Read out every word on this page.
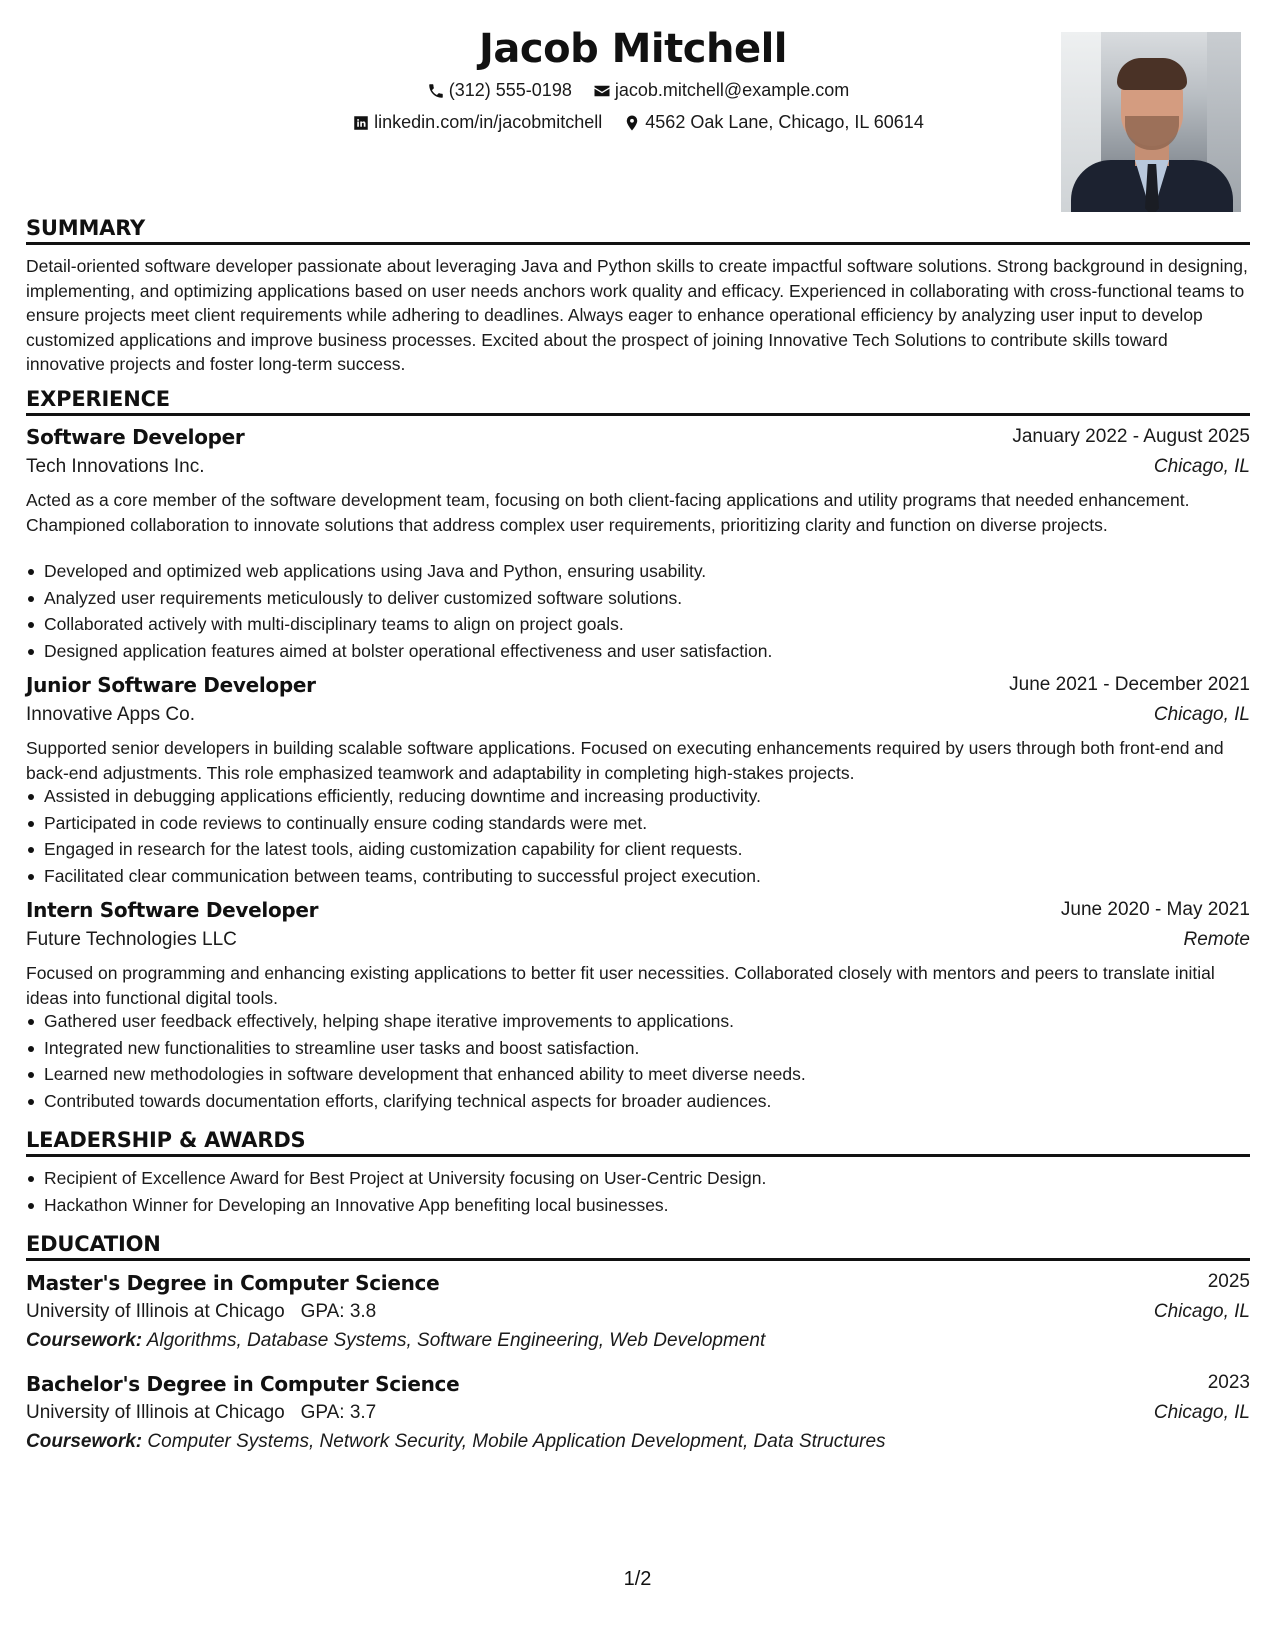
Jacob Mitchell
(312) 555-0198
jacob.mitchell@example.com
linkedin.com/in/jacobmitchell
4562 Oak Lane, Chicago, IL 60614
SUMMARY
Detail-oriented software developer passionate about leveraging Java and Python skills to create impactful software solutions. Strong background in designing, implementing, and optimizing applications based on user needs anchors work quality and efficacy. Experienced in collaborating with cross-functional teams to ensure projects meet client requirements while adhering to deadlines. Always eager to enhance operational efficiency by analyzing user input to develop customized applications and improve business processes. Excited about the prospect of joining Innovative Tech Solutions to contribute skills toward innovative projects and foster long-term success.
EXPERIENCE
Software Developer	January 2022 - August 2025
Tech Innovations Inc.	Chicago, IL
Acted as a core member of the software development team, focusing on both client-facing applications and utility programs that needed enhancement. Championed collaboration to innovate solutions that address complex user requirements, prioritizing clarity and function on diverse projects.
Developed and optimized web applications using Java and Python, ensuring usability.
Analyzed user requirements meticulously to deliver customized software solutions.
Collaborated actively with multi-disciplinary teams to align on project goals.
Designed application features aimed at bolster operational effectiveness and user satisfaction.
Junior Software Developer	June 2021 - December 2021
Innovative Apps Co.	Chicago, IL
Supported senior developers in building scalable software applications. Focused on executing enhancements required by users through both front-end and back-end adjustments. This role emphasized teamwork and adaptability in completing high-stakes projects.
Assisted in debugging applications efficiently, reducing downtime and increasing productivity.
Participated in code reviews to continually ensure coding standards were met.
Engaged in research for the latest tools, aiding customization capability for client requests.
Facilitated clear communication between teams, contributing to successful project execution.
Intern Software Developer	June 2020 - May 2021
Future Technologies LLC	Remote
Focused on programming and enhancing existing applications to better fit user necessities. Collaborated closely with mentors and peers to translate initial ideas into functional digital tools.
Gathered user feedback effectively, helping shape iterative improvements to applications.
Integrated new functionalities to streamline user tasks and boost satisfaction.
Learned new methodologies in software development that enhanced ability to meet diverse needs.
Contributed towards documentation efforts, clarifying technical aspects for broader audiences.
LEADERSHIP & AWARDS
Recipient of Excellence Award for Best Project at University focusing on User-Centric Design.
Hackathon Winner for Developing an Innovative App benefiting local businesses.
EDUCATION
Master's Degree in Computer Science	2025
University of Illinois at Chicago GPA: 3.8	Chicago, IL
Coursework: Algorithms, Database Systems, Software Engineering, Web Development
Bachelor's Degree in Computer Science	2023
University of Illinois at Chicago GPA: 3.7	Chicago, IL
Coursework: Computer Systems, Network Security, Mobile Application Development, Data Structures
1/2
